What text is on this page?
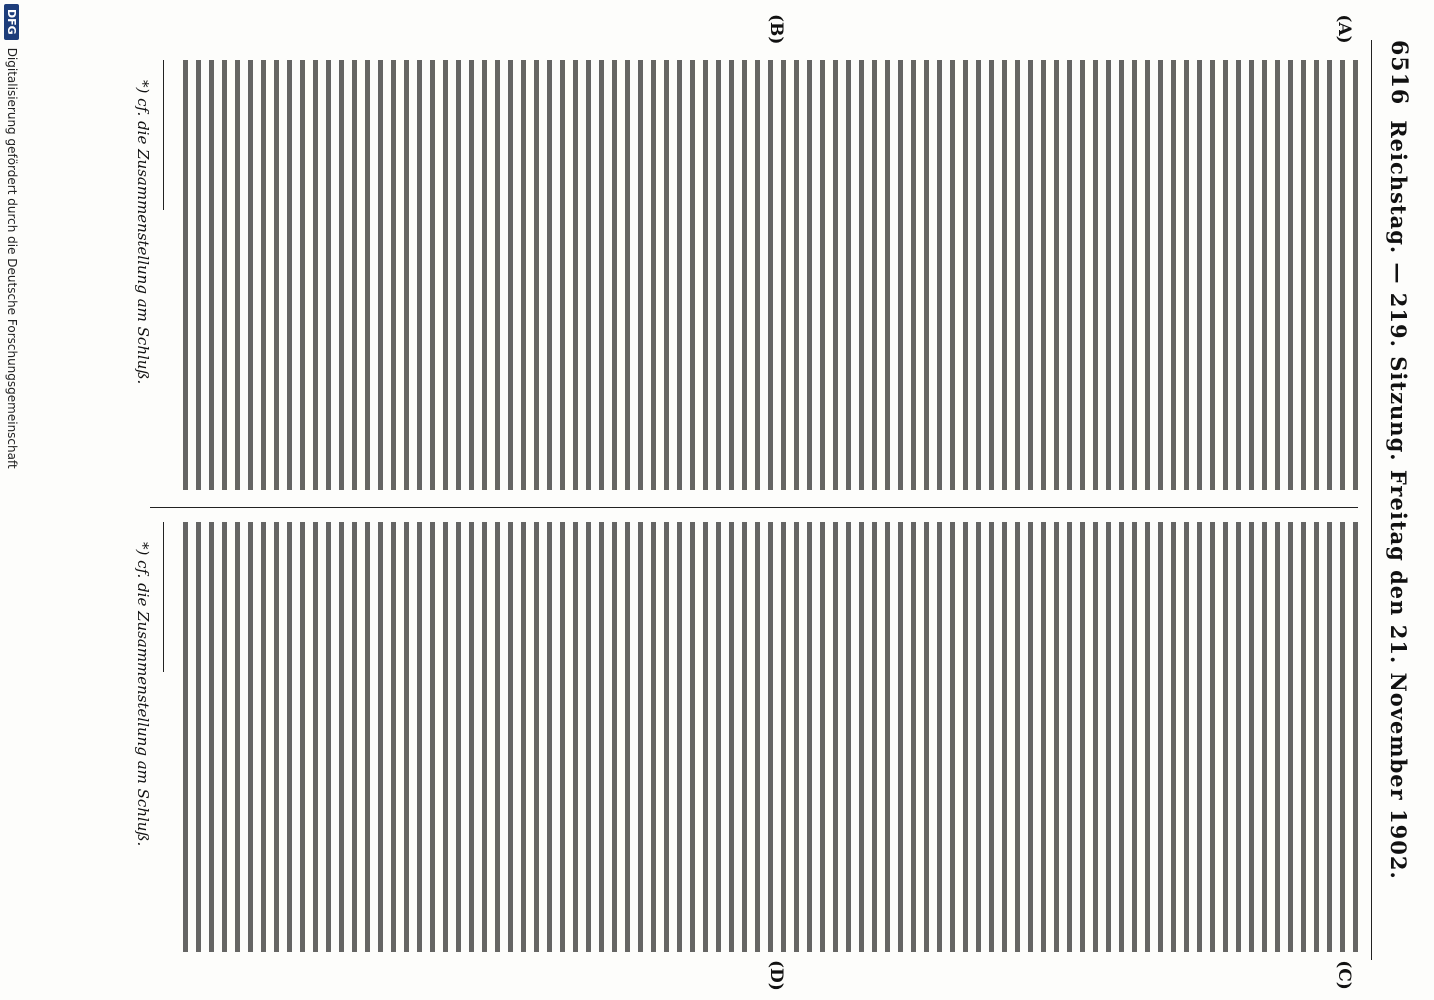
6516
Reichstag. — 219. Sitzung. Freitag den 21. November 1902.
(A)
(B)
(C)
(D)
*) cf. die Zusammenstellung am Schluß.
*) cf. die Zusammenstellung am Schluß.
DFG
Digitalisierung gefördert durch die Deutsche Forschungsgemeinschaft
